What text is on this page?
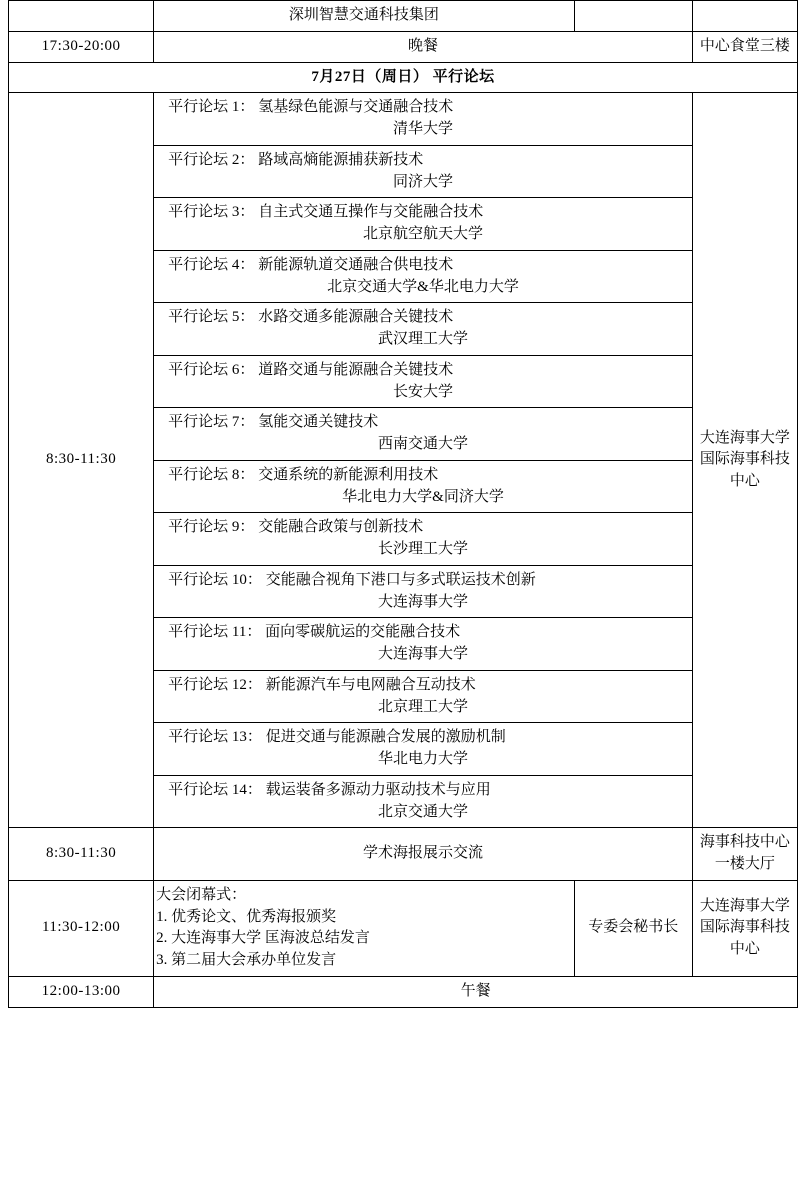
	深圳智慧交通科技集团		
17:30-20:00	晚餐		中心食堂三楼
7月27日（周日） 平行论坛			
8:30-11:30	平行论坛 1： 氢基绿色能源与交通融合技术
清华大学		大连海事大学国际海事科技中心

	平行论坛 2： 路域高熵能源捕获新技术
同济大学		

	平行论坛 3： 自主式交通互操作与交能融合技术
北京航空航天大学		

	平行论坛 4： 新能源轨道交通融合供电技术
北京交通大学&华北电力大学		

	平行论坛 5： 水路交通多能源融合关键技术
武汉理工大学		

	平行论坛 6： 道路交通与能源融合关键技术
长安大学		

	平行论坛 7： 氢能交通关键技术
西南交通大学		

	平行论坛 8： 交通系统的新能源利用技术
华北电力大学&同济大学		

	平行论坛 9： 交能融合政策与创新技术
长沙理工大学		

	平行论坛 10： 交能融合视角下港口与多式联运技术创新
大连海事大学		

	平行论坛 11： 面向零碳航运的交能融合技术
大连海事大学		

	平行论坛 12： 新能源汽车与电网融合互动技术
北京理工大学		

	平行论坛 13： 促进交通与能源融合发展的激励机制
华北电力大学		

	平行论坛 14： 载运装备多源动力驱动技术与应用
北京交通大学		

8:30-11:30	学术海报展示交流		海事科技中心一楼大厅
11:30-12:00	大会闭幕式：
1. 优秀论文、优秀海报颁奖
2. 大连海事大学 匡海波总结发言
3. 第二届大会承办单位发言	专委会秘书长	大连海事大学国际海事科技中心
12:00-13:00	午餐		
